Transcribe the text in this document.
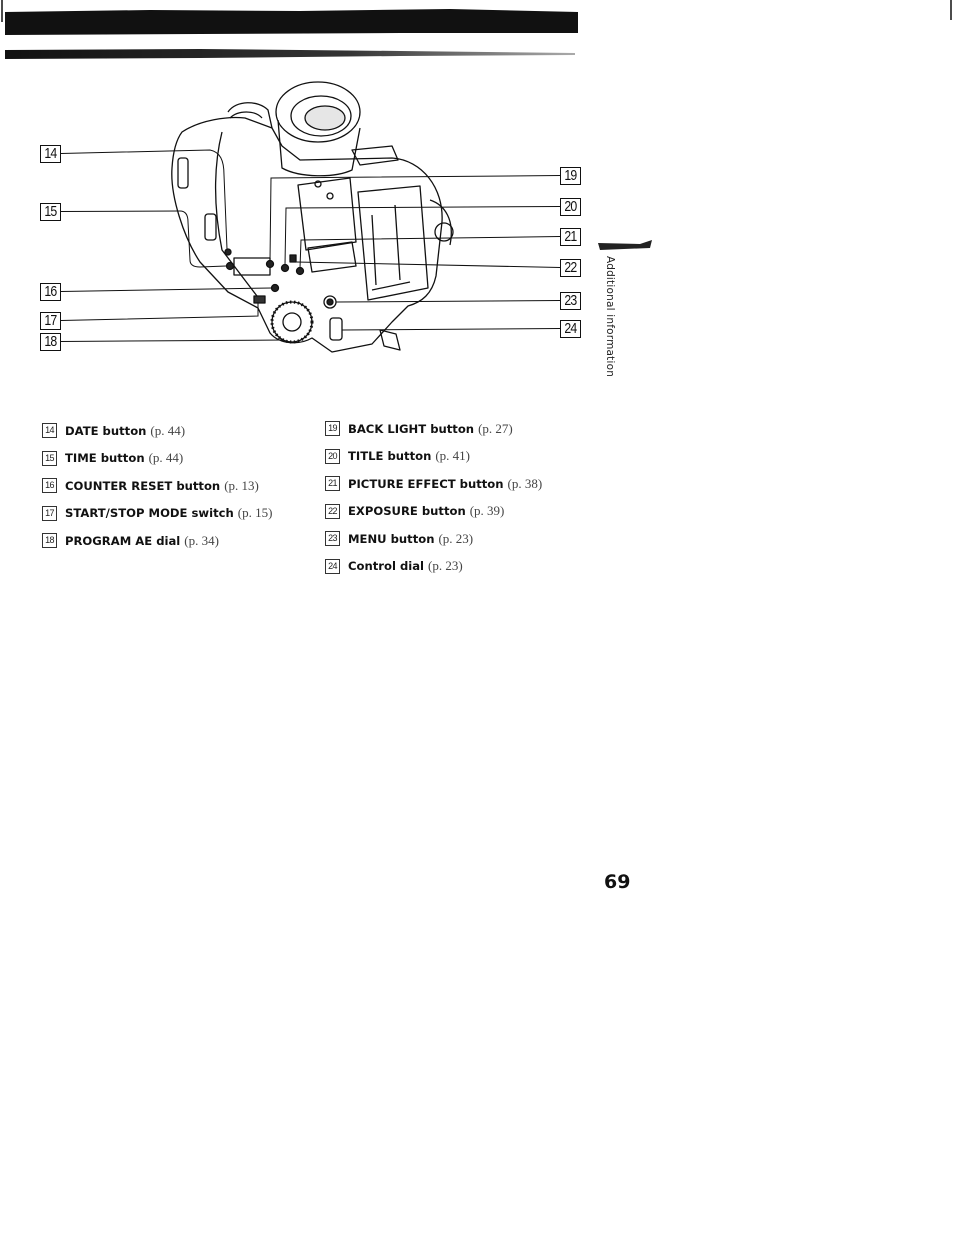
14
15
16
17
18
19
20
21
22
23
24
14 DATE button (p. 44)
15 TIME button (p. 44)
16 COUNTER RESET button (p. 13)
17 START/STOP MODE switch (p. 15)
18 PROGRAM AE dial (p. 34)
19 BACK LIGHT button (p. 27)
20 TITLE button (p. 41)
21 PICTURE EFFECT button (p. 38)
22 EXPOSURE button (p. 39)
23 MENU button (p. 23)
24 Control dial (p. 23)
Additional information
69
